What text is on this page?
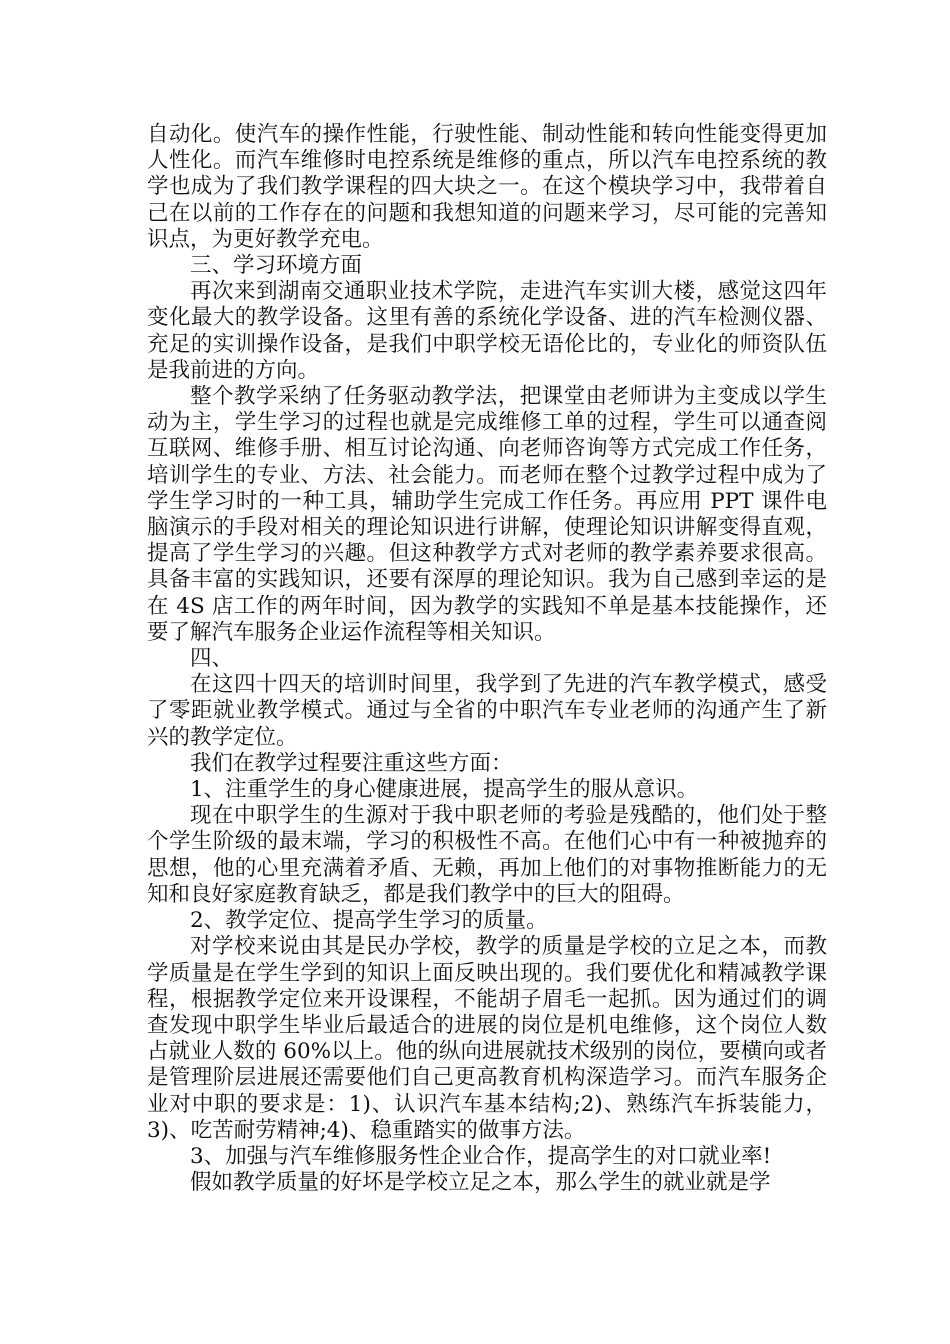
自动化。使汽车的操作性能，行驶性能、制动性能和转向性能变得更加人性化。而汽车维修时电控系统是维修的重点，所以汽车电控系统的教学也成为了我们教学课程的四大块之一。在这个模块学习中，我带着自己在以前的工作存在的问题和我想知道的问题来学习，尽可能的完善知识点，为更好教学充电。

三、学习环境方面

再次来到湖南交通职业技术学院，走进汽车实训大楼，感觉这四年变化最大的教学设备。这里有善的系统化学设备、进的汽车检测仪器、充足的实训操作设备，是我们中职学校无语伦比的，专业化的师资队伍是我前进的方向。

整个教学采纳了任务驱动教学法，把课堂由老师讲为主变成以学生动为主，学生学习的过程也就是完成维修工单的过程，学生可以通查阅互联网、维修手册、相互讨论沟通、向老师咨询等方式完成工作任务，培训学生的专业、方法、社会能力。而老师在整个过教学过程中成为了学生学习时的一种工具，辅助学生完成工作任务。再应用 PPT 课件电脑演示的手段对相关的理论知识进行讲解，使理论知识讲解变得直观，提高了学生学习的兴趣。但这种教学方式对老师的教学素养要求很高。具备丰富的实践知识，还要有深厚的理论知识。我为自己感到幸运的是在 4S 店工作的两年时间，因为教学的实践知不单是基本技能操作，还要了解汽车服务企业运作流程等相关知识。

四、

在这四十四天的培训时间里，我学到了先进的汽车教学模式，感受了零距就业教学模式。通过与全省的中职汽车专业老师的沟通产生了新兴的教学定位。

我们在教学过程要注重这些方面：

1、注重学生的身心健康进展，提高学生的服从意识。

现在中职学生的生源对于我中职老师的考验是残酷的，他们处于整个学生阶级的最末端，学习的积极性不高。在他们心中有一种被抛弃的思想，他的心里充满着矛盾、无赖，再加上他们的对事物推断能力的无知和良好家庭教育缺乏，都是我们教学中的巨大的阻碍。

2、教学定位、提高学生学习的质量。

对学校来说由其是民办学校，教学的质量是学校的立足之本，而教学质量是在学生学到的知识上面反映出现的。我们要优化和精减教学课程，根据教学定位来开设课程，不能胡子眉毛一起抓。因为通过们的调查发现中职学生毕业后最适合的进展的岗位是机电维修，这个岗位人数占就业人数的 60%以上。他的纵向进展就技术级别的岗位，要横向或者是管理阶层进展还需要他们自己更高教育机构深造学习。而汽车服务企业对中职的要求是：1)、认识汽车基本结构;2)、熟练汽车拆装能力，3)、吃苦耐劳精神;4)、稳重踏实的做事方法。

3、加强与汽车维修服务性企业合作，提高学生的对口就业率!

假如教学质量的好坏是学校立足之本，那么学生的就业就是学
